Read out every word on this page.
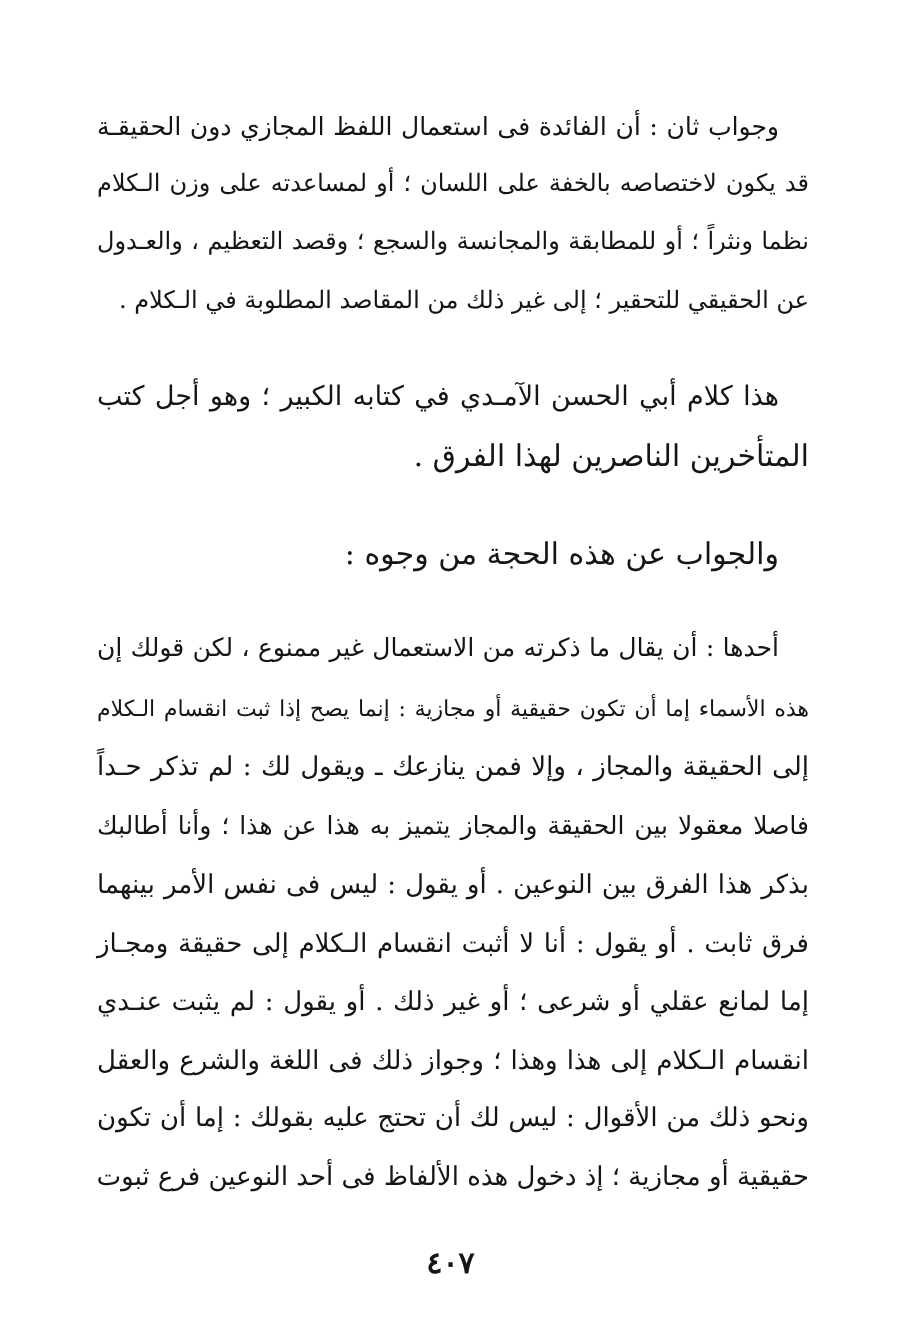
وجواب ثان : أن الفائدة فى استعمال اللفظ المجازي دون الحقيقـة
قد يكون لاختصاصه بالخفة على اللسان ؛ أو لمساعدته على وزن الـكلام
نظما ونثراً ؛ أو للمطابقة والمجانسة والسجع ؛ وقصد التعظيم ، والعـدول
عن الحقيقي للتحقير ؛ إلى غير ذلك من المقاصد المطلوبة في الـكلام .
هذا كلام أبي الحسن الآمـدي في كتابه الكبير ؛ وهو أجل كتب
المتأخرين الناصرين لهذا الفرق .
والجواب عن هذه الحجة من وجوه :
أحدها : أن يقال ما ذكرته من الاستعمال غير ممنوع ، لكن قولك إن
هذه الأسماء إما أن تكون حقيقية أو مجازية : إنما يصح إذا ثبت انقسام الـكلام
إلى الحقيقة والمجاز ، وإلا فمن ينازعك ـ ويقول لك : لم تذكر حـداً
فاصلا معقولا بين الحقيقة والمجاز يتميز به هذا عن هذا ؛ وأنا أطالبك
بذكر هذا الفرق بين النوعين . أو يقول : ليس فى نفس الأمر بينهما
فرق ثابت . أو يقول : أنا لا أثبت انقسام الـكلام إلى حقيقة ومجـاز
إما لمانع عقلي أو شرعى ؛ أو غير ذلك . أو يقول : لم يثبت عنـدي
انقسام الـكلام إلى هذا وهذا ؛ وجواز ذلك فى اللغة والشرع والعقل
ونحو ذلك من الأقوال : ليس لك أن تحتج عليه بقولك : إما أن تكون
حقيقية أو مجازية ؛ إذ دخول هذه الألفاظ فى أحد النوعين فرع ثبوت
٤٠٧
